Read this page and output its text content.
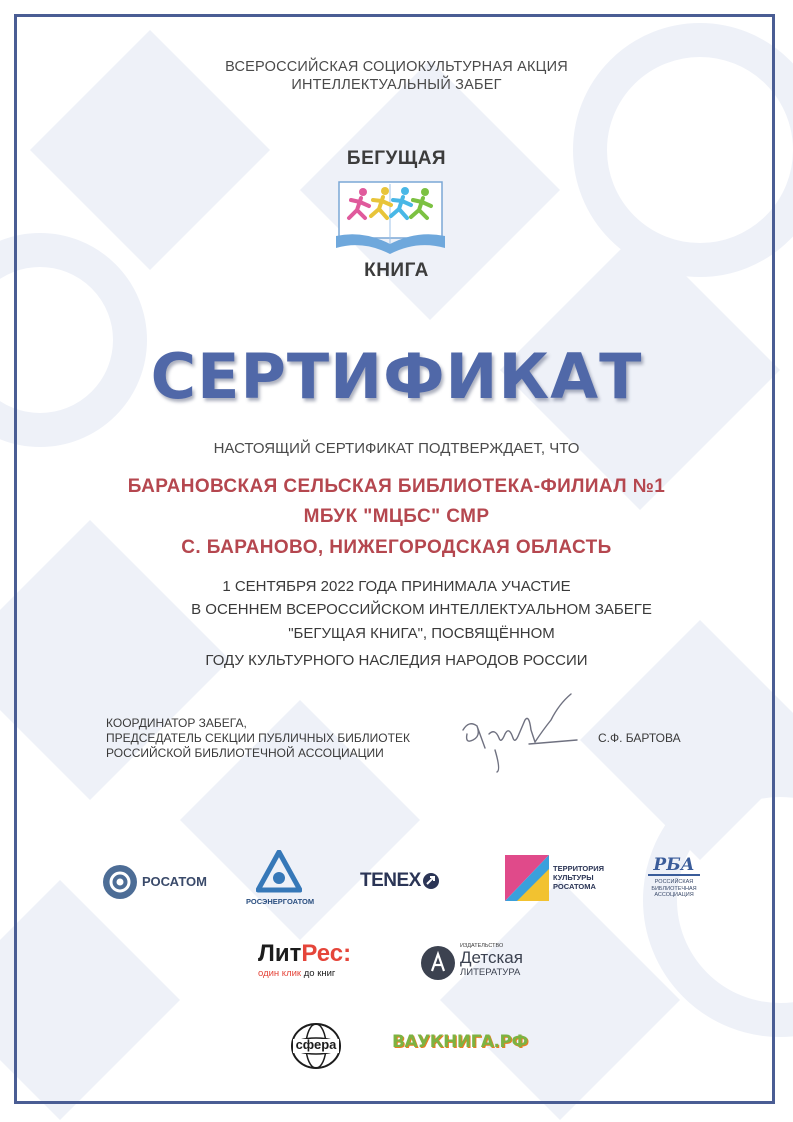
ВСЕРОССИЙСКАЯ СОЦИОКУЛЬТУРНАЯ АКЦИЯ
ИНТЕЛЛЕКТУАЛЬНЫЙ ЗАБЕГ
БЕГУЩАЯ
КНИГА
СЕРТИФИКАТ
НАСТОЯЩИЙ СЕРТИФИКАТ ПОДТВЕРЖДАЕТ, ЧТО
БАРАНОВСКАЯ СЕЛЬСКАЯ БИБЛИОТЕКА-ФИЛИАЛ №1
МБУК "МЦБС" СМР
С. БАРАНОВО, НИЖЕГОРОДСКАЯ ОБЛАСТЬ
1 СЕНТЯБРЯ 2022 ГОДА ПРИНИМАЛА УЧАСТИЕ
В ОСЕННЕМ ВСЕРОССИЙСКОМ ИНТЕЛЛЕКТУАЛЬНОМ ЗАБЕГЕ
"БЕГУЩАЯ КНИГА", ПОСВЯЩЁННОМ
ГОДУ КУЛЬТУРНОГО НАСЛЕДИЯ НАРОДОВ РОССИИ
КООРДИНАТОР ЗАБЕГА,
ПРЕДСЕДАТЕЛЬ СЕКЦИИ ПУБЛИЧНЫХ БИБЛИОТЕК
РОССИЙСКОЙ БИБЛИОТЕЧНОЙ АССОЦИАЦИИ
С.Ф. БАРТОВА
РОСАТОМ
РОСЭНЕРГОАТОМ
TENEX
ТЕРРИТОРИЯ
КУЛЬТУРЫ
РОСАТОМА
РБА
РОССИЙСКАЯ
БИБЛИОТЕЧНАЯ
АССОЦИАЦИЯ
ЛитРес:
один клик до книг
ИЗДАТЕЛЬСТВО
Детская
ЛИТЕРАТУРА
сфера	ВАУКНИГА.РФ
